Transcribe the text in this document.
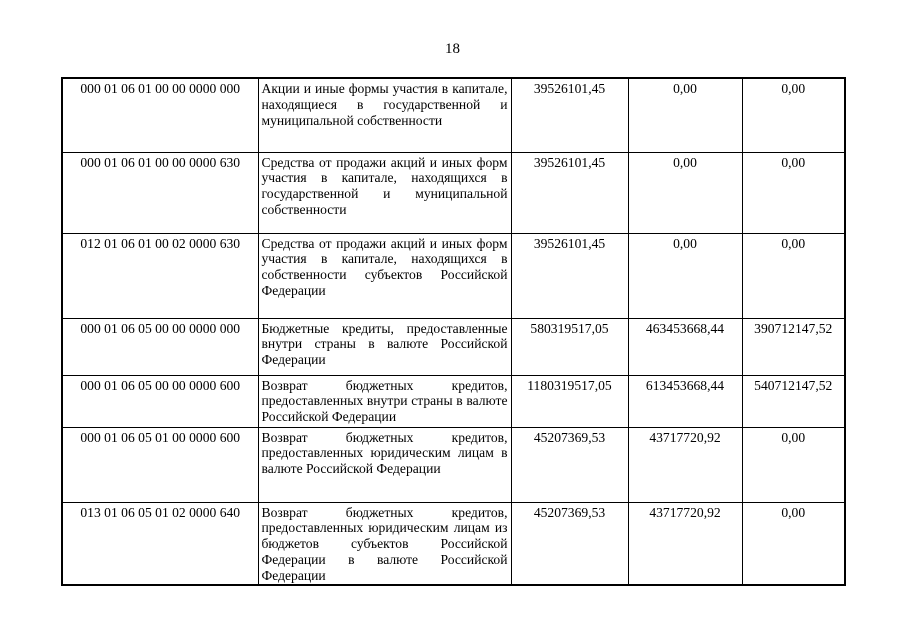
18
000 01 06 01 00 00 0000 000	Акции и иные формы участия в капитале, находящиеся в государственной и муниципальной собственности	39526101,45	0,00	0,00
000 01 06 01 00 00 0000 630	Средства от продажи акций и иных форм участия в капитале, находящихся в государственной и муниципальной собственности	39526101,45	0,00	0,00
012 01 06 01 00 02 0000 630	Средства от продажи акций и иных форм участия в капитале, находящихся в собственности субъектов Российской Федерации	39526101,45	0,00	0,00
000 01 06 05 00 00 0000 000	Бюджетные кредиты, предоставленные внутри страны в валюте Российской Федерации	580319517,05	463453668,44	390712147,52
000 01 06 05 00 00 0000 600	Возврат бюджетных кредитов, предоставленных внутри страны в валюте Российской Федерации	1180319517,05	613453668,44	540712147,52
000 01 06 05 01 00 0000 600	Возврат бюджетных кредитов, предоставленных юридическим лицам в валюте Российской Федерации	45207369,53	43717720,92	0,00
013 01 06 05 01 02 0000 640	Возврат бюджетных кредитов, предоставленных юридическим лицам из бюджетов субъектов Российской Федерации в валюте Российской Федерации	45207369,53	43717720,92	0,00
